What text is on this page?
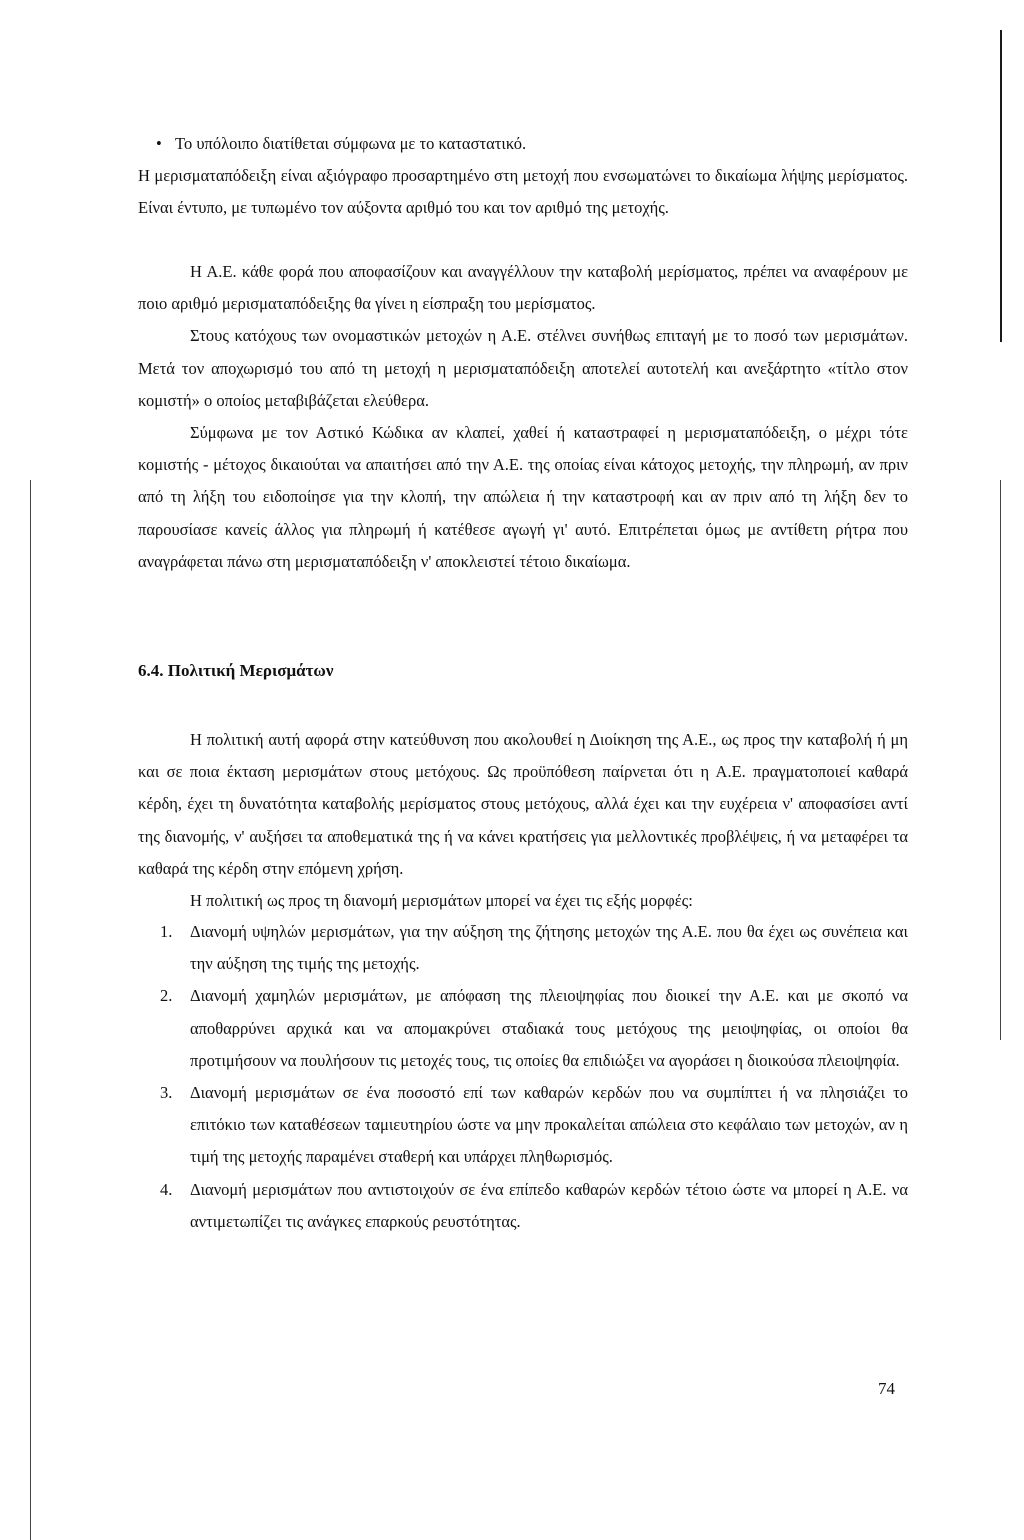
• Το υπόλοιπο διατίθεται σύμφωνα με το καταστατικό.

Η μερισματαπόδειξη είναι αξιόγραφο προσαρτημένο στη μετοχή που ενσωματώνει το δικαίωμα λήψης μερίσματος. Είναι έντυπο, με τυπωμένο τον αύξοντα αριθμό του και τον αριθμό της μετοχής.

Η Α.Ε. κάθε φορά που αποφασίζουν και αναγγέλλουν την καταβολή μερίσματος, πρέπει να αναφέρουν με ποιο αριθμό μερισματαπόδειξης θα γίνει η είσπραξη του μερίσματος.

Στους κατόχους των ονομαστικών μετοχών η Α.Ε. στέλνει συνήθως επιταγή με το ποσό των μερισμάτων. Μετά τον αποχωρισμό του από τη μετοχή η μερισματαπόδειξη αποτελεί αυτοτελή και ανεξάρτητο «τίτλο στον κομιστή» ο οποίος μεταβιβάζεται ελεύθερα.

Σύμφωνα με τον Αστικό Κώδικα αν κλαπεί, χαθεί ή καταστραφεί η μερισματαπόδειξη, ο μέχρι τότε κομιστής - μέτοχος δικαιούται να απαιτήσει από την Α.Ε. της οποίας είναι κάτοχος μετοχής, την πληρωμή, αν πριν από τη λήξη του ειδοποίησε για την κλοπή, την απώλεια ή την καταστροφή και αν πριν από τη λήξη δεν το παρουσίασε κανείς άλλος για πληρωμή ή κατέθεσε αγωγή γι' αυτό. Επιτρέπεται όμως με αντίθετη ρήτρα που αναγράφεται πάνω στη μερισματαπόδειξη ν' αποκλειστεί τέτοιο δικαίωμα.

6.4. Πολιτική Μερισμάτων

Η πολιτική αυτή αφορά στην κατεύθυνση που ακολουθεί η Διοίκηση της Α.Ε., ως προς την καταβολή ή μη και σε ποια έκταση μερισμάτων στους μετόχους. Ως προϋπόθεση παίρνεται ότι η Α.Ε. πραγματοποιεί καθαρά κέρδη, έχει τη δυνατότητα καταβολής μερίσματος στους μετόχους, αλλά έχει και την ευχέρεια ν' αποφασίσει αντί της διανομής, ν' αυξήσει τα αποθεματικά της ή να κάνει κρατήσεις για μελλοντικές προβλέψεις, ή να μεταφέρει τα καθαρά της κέρδη στην επόμενη χρήση.

Η πολιτική ως προς τη διανομή μερισμάτων μπορεί να έχει τις εξής μορφές:

1. Διανομή υψηλών μερισμάτων, για την αύξηση της ζήτησης μετοχών της Α.Ε. που θα έχει ως συνέπεια και την αύξηση της τιμής της μετοχής.

2. Διανομή χαμηλών μερισμάτων, με απόφαση της πλειοψηφίας που διοικεί την Α.Ε. και με σκοπό να αποθαρρύνει αρχικά και να απομακρύνει σταδιακά τους μετόχους της μειοψηφίας, οι οποίοι θα προτιμήσουν να πουλήσουν τις μετοχές τους, τις οποίες θα επιδιώξει να αγοράσει η διοικούσα πλειοψηφία.

3. Διανομή μερισμάτων σε ένα ποσοστό επί των καθαρών κερδών που να συμπίπτει ή να πλησιάζει το επιτόκιο των καταθέσεων ταμιευτηρίου ώστε να μην προκαλείται απώλεια στο κεφάλαιο των μετοχών, αν η τιμή της μετοχής παραμένει σταθερή και υπάρχει πληθωρισμός.

4. Διανομή μερισμάτων που αντιστοιχούν σε ένα επίπεδο καθαρών κερδών τέτοιο ώστε να μπορεί η Α.Ε. να αντιμετωπίζει τις ανάγκες επαρκούς ρευστότητας.

74
